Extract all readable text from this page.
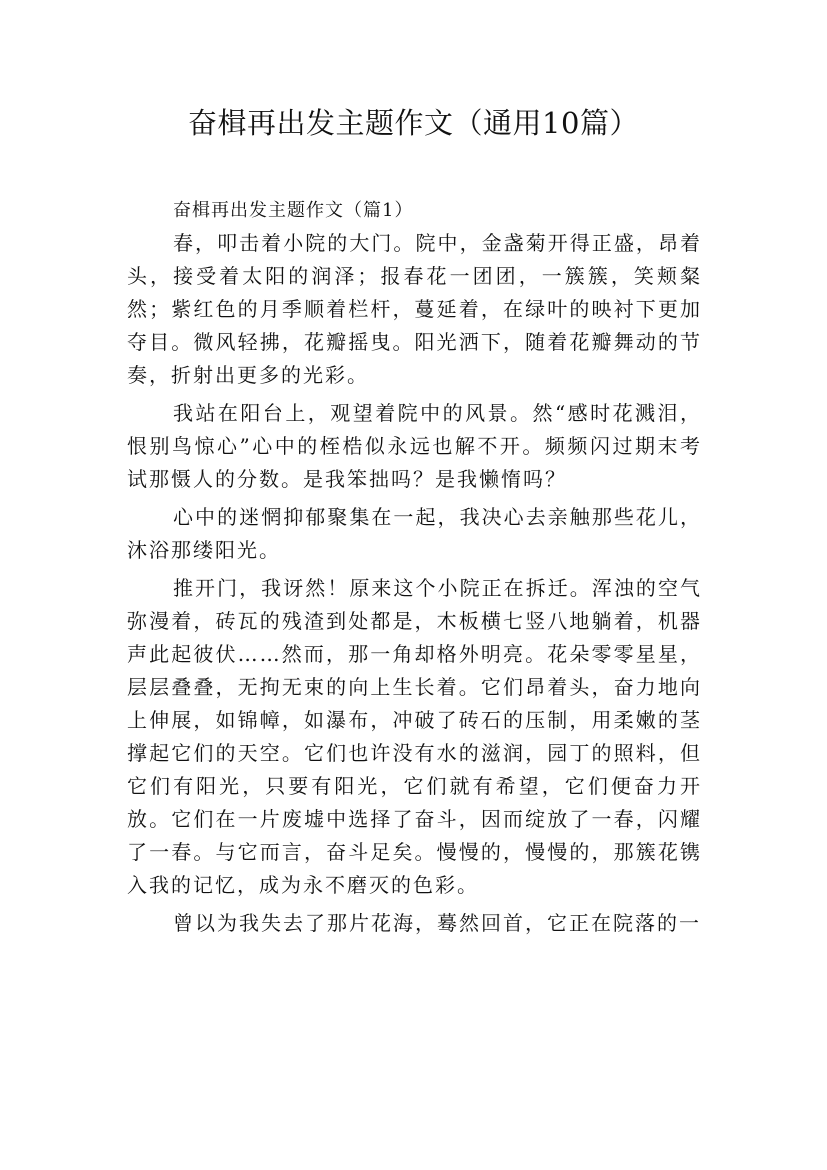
奋楫再出发主题作文（通用10篇）

奋楫再出发主题作文（篇1）

春，叩击着小院的大门。院中，金盏菊开得正盛，昂着头，接受着太阳的润泽；报春花一团团，一簇簇，笑颊粲然；紫红色的月季顺着栏杆，蔓延着，在绿叶的映衬下更加夺目。微风轻拂，花瓣摇曳。阳光洒下，随着花瓣舞动的节奏，折射出更多的光彩。

我站在阳台上，观望着院中的风景。然“感时花溅泪，恨别鸟惊心”心中的桎梏似永远也解不开。频频闪过期末考试那慑人的分数。是我笨拙吗？是我懒惰吗？

心中的迷惘抑郁聚集在一起，我决心去亲触那些花儿，沐浴那缕阳光。

推开门，我讶然！原来这个小院正在拆迁。浑浊的空气弥漫着，砖瓦的残渣到处都是，木板横七竖八地躺着，机器声此起彼伏……然而，那一角却格外明亮。花朵零零星星，层层叠叠，无拘无束的向上生长着。它们昂着头，奋力地向上伸展，如锦幛，如瀑布，冲破了砖石的压制，用柔嫩的茎撑起它们的天空。它们也许没有水的滋润，园丁的照料，但它们有阳光，只要有阳光，它们就有希望，它们便奋力开放。它们在一片废墟中选择了奋斗，因而绽放了一春，闪耀了一春。与它而言，奋斗足矣。慢慢的，慢慢的，那簇花镌入我的记忆，成为永不磨灭的色彩。

曾以为我失去了那片花海，蓦然回首，它正在院落的一
